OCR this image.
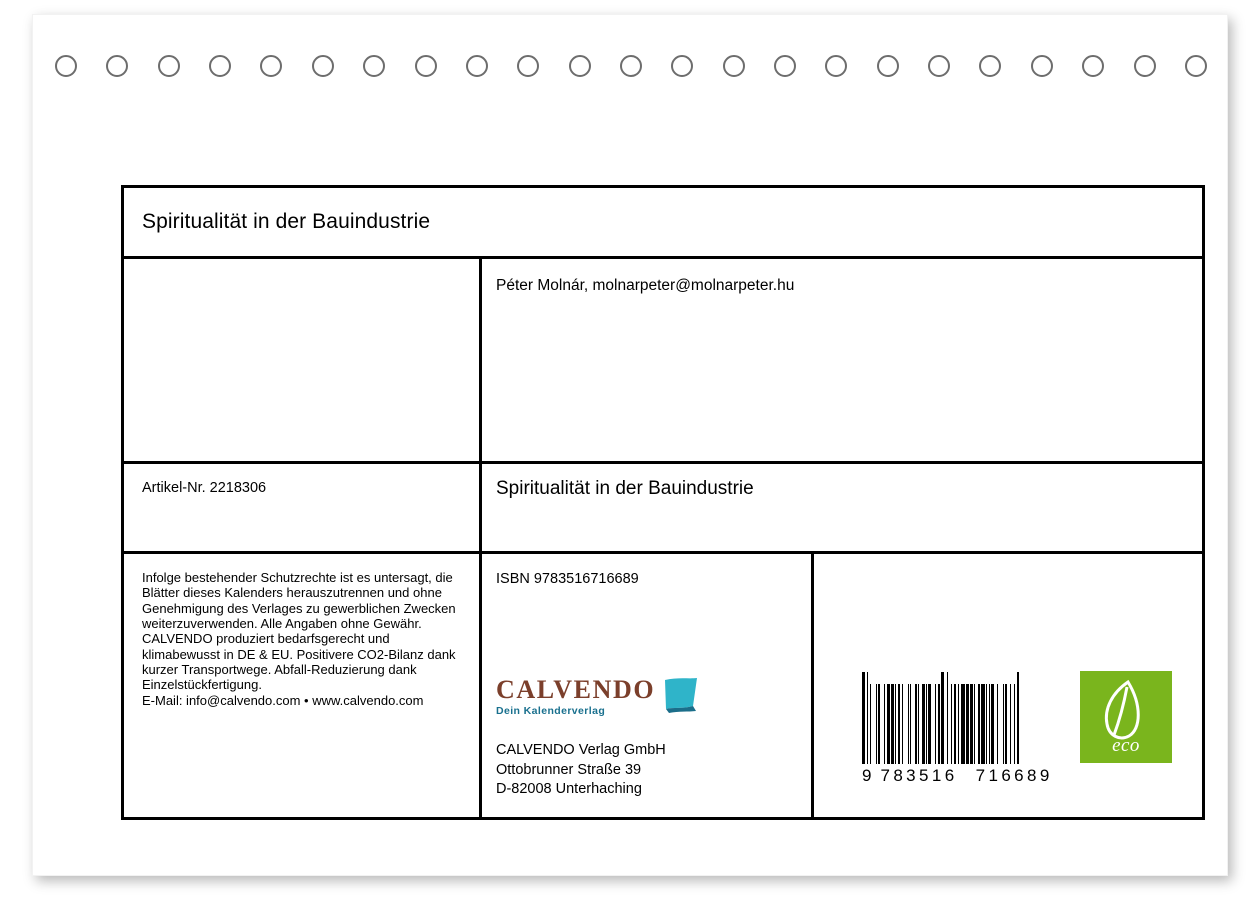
Spiritualität in der Bauindustrie
Péter Molnár, molnarpeter@molnarpeter.hu
Artikel-Nr. 2218306	Spiritualität in der Bauindustrie

Infolge bestehender Schutzrechte ist es untersagt, die Blätter dieses Kalenders herauszutrennen und ohne Genehmigung des Verlages zu gewerblichen Zwecken weiterzuverwenden. Alle Angaben ohne Gewähr.

CALVENDO produziert bedarfsgerecht und klimabewusst in DE & EU. Positivere CO2-Bilanz dank kurzer Transportwege. Abfall-Reduzierung dank Einzelstückfertigung.

E-Mail: info@calvendo.com • www.calvendo.com

ISBN 9783516716689
CALVENDO
Dein Kalenderverlag
CALVENDO Verlag GmbH
Ottobrunner Straße 39
D-82008 Unterhaching
9 783516 716689
eco
